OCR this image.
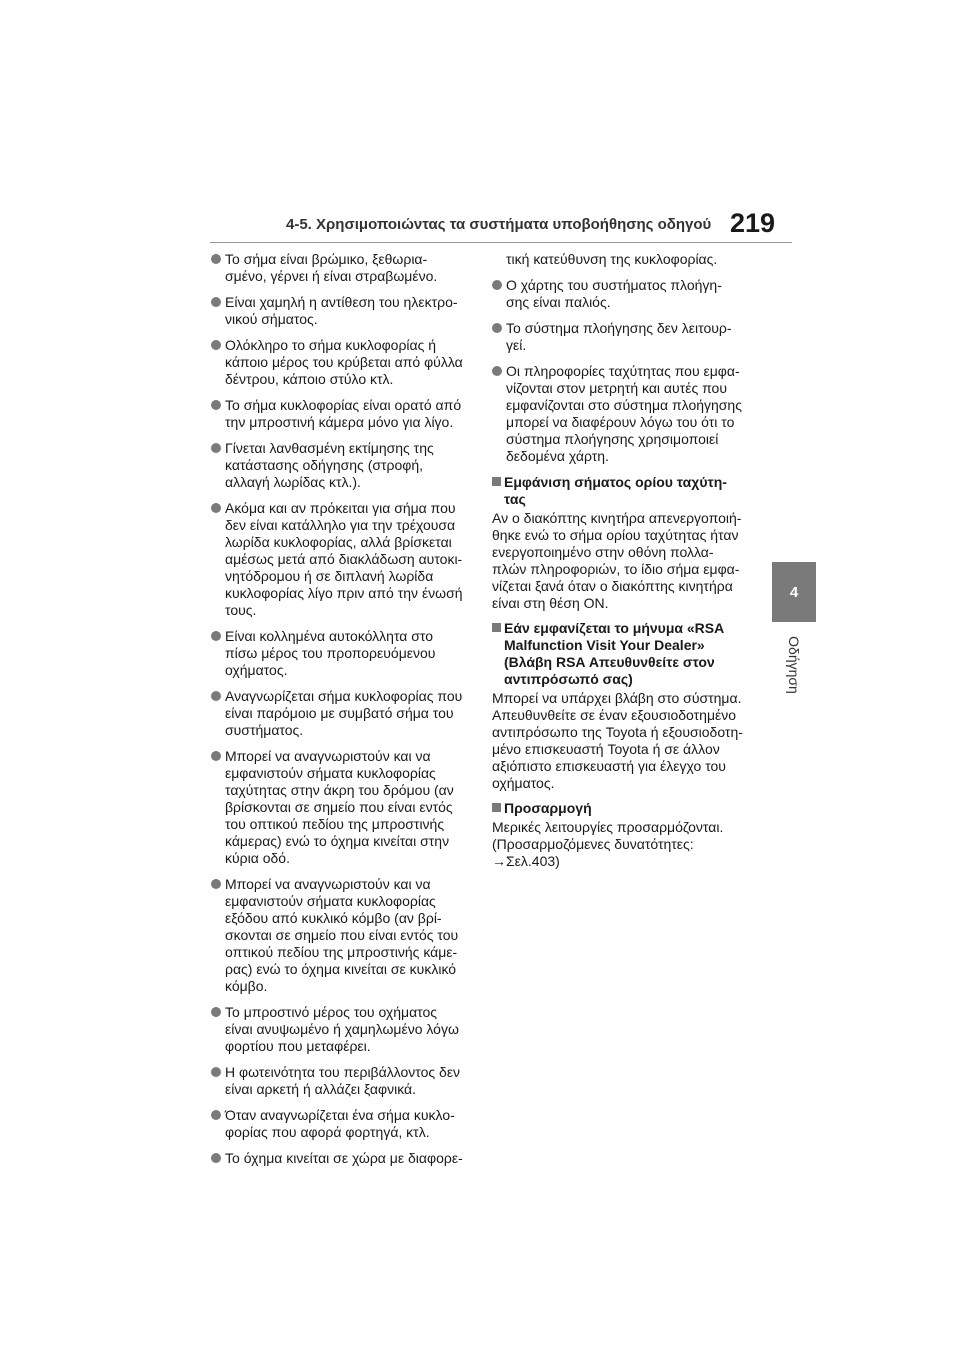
4-5. Χρησιμοποιώντας τα συστήματα υποβοήθησης οδηγού 219
4
Οδήγηση
Το σήμα είναι βρώμικο, ξεθωρια-
σμένο, γέρνει ή είναι στραβωμένο.
Είναι χαμηλή η αντίθεση του ηλεκτρο-
νικού σήματος.
Ολόκληρο το σήμα κυκλοφορίας ή
κάποιο μέρος του κρύβεται από φύλλα
δέντρου, κάποιο στύλο κτλ.
Το σήμα κυκλοφορίας είναι ορατό από
την μπροστινή κάμερα μόνο για λίγο.
Γίνεται λανθασμένη εκτίμησης της
κατάστασης οδήγησης (στροφή,
αλλαγή λωρίδας κτλ.).
Ακόμα και αν πρόκειται για σήμα που
δεν είναι κατάλληλο για την τρέχουσα
λωρίδα κυκλοφορίας, αλλά βρίσκεται
αμέσως μετά από διακλάδωση αυτοκι-
νητόδρομου ή σε διπλανή λωρίδα
κυκλοφορίας λίγο πριν από την ένωσή
τους.
Είναι κολλημένα αυτοκόλλητα στο
πίσω μέρος του προπορευόμενου
οχήματος.
Αναγνωρίζεται σήμα κυκλοφορίας που
είναι παρόμοιο με συμβατό σήμα του
συστήματος.
Μπορεί να αναγνωριστούν και να
εμφανιστούν σήματα κυκλοφορίας
ταχύτητας στην άκρη του δρόμου (αν
βρίσκονται σε σημείο που είναι εντός
του οπτικού πεδίου της μπροστινής
κάμερας) ενώ το όχημα κινείται στην
κύρια οδό.
Μπορεί να αναγνωριστούν και να
εμφανιστούν σήματα κυκλοφορίας
εξόδου από κυκλικό κόμβο (αν βρί-
σκονται σε σημείο που είναι εντός του
οπτικού πεδίου της μπροστινής κάμε-
ρας) ενώ το όχημα κινείται σε κυκλικό
κόμβο.
Το μπροστινό μέρος του οχήματος
είναι ανυψωμένο ή χαμηλωμένο λόγω
φορτίου που μεταφέρει.
Η φωτεινότητα του περιβάλλοντος δεν
είναι αρκετή ή αλλάζει ξαφνικά.
Όταν αναγνωρίζεται ένα σήμα κυκλο-
φορίας που αφορά φορτηγά, κτλ.
Το όχημα κινείται σε χώρα με διαφορε-
τική κατεύθυνση της κυκλοφορίας.
Ο χάρτης του συστήματος πλοήγη-
σης είναι παλιός.
Το σύστημα πλοήγησης δεν λειτουρ-
γεί.
Οι πληροφορίες ταχύτητας που εμφα-
νίζονται στον μετρητή και αυτές που
εμφανίζονται στο σύστημα πλοήγησης
μπορεί να διαφέρουν λόγω του ότι το
σύστημα πλοήγησης χρησιμοποιεί
δεδομένα χάρτη.
Εμφάνιση σήματος ορίου ταχύτη-
τας
Αν ο διακόπτης κινητήρα απενεργοποιή-
θηκε ενώ το σήμα ορίου ταχύτητας ήταν
ενεργοποιημένο στην οθόνη πολλα-
πλών πληροφοριών, το ίδιο σήμα εμφα-
νίζεται ξανά όταν ο διακόπτης κινητήρα
είναι στη θέση ON.
Εάν εμφανίζεται το μήνυμα «RSA
Malfunction Visit Your Dealer»
(Βλάβη RSA Απευθυνθείτε στον
αντιπρόσωπό σας)
Μπορεί να υπάρχει βλάβη στο σύστημα.
Απευθυνθείτε σε έναν εξουσιοδοτημένο
αντιπρόσωπο της Toyota ή εξουσιοδοτη-
μένο επισκευαστή Toyota ή σε άλλον
αξιόπιστο επισκευαστή για έλεγχο του
οχήματος.
Προσαρμογή
Μερικές λειτουργίες προσαρμόζονται.
(Προσαρμοζόμενες δυνατότητες:
→Σελ.403)
